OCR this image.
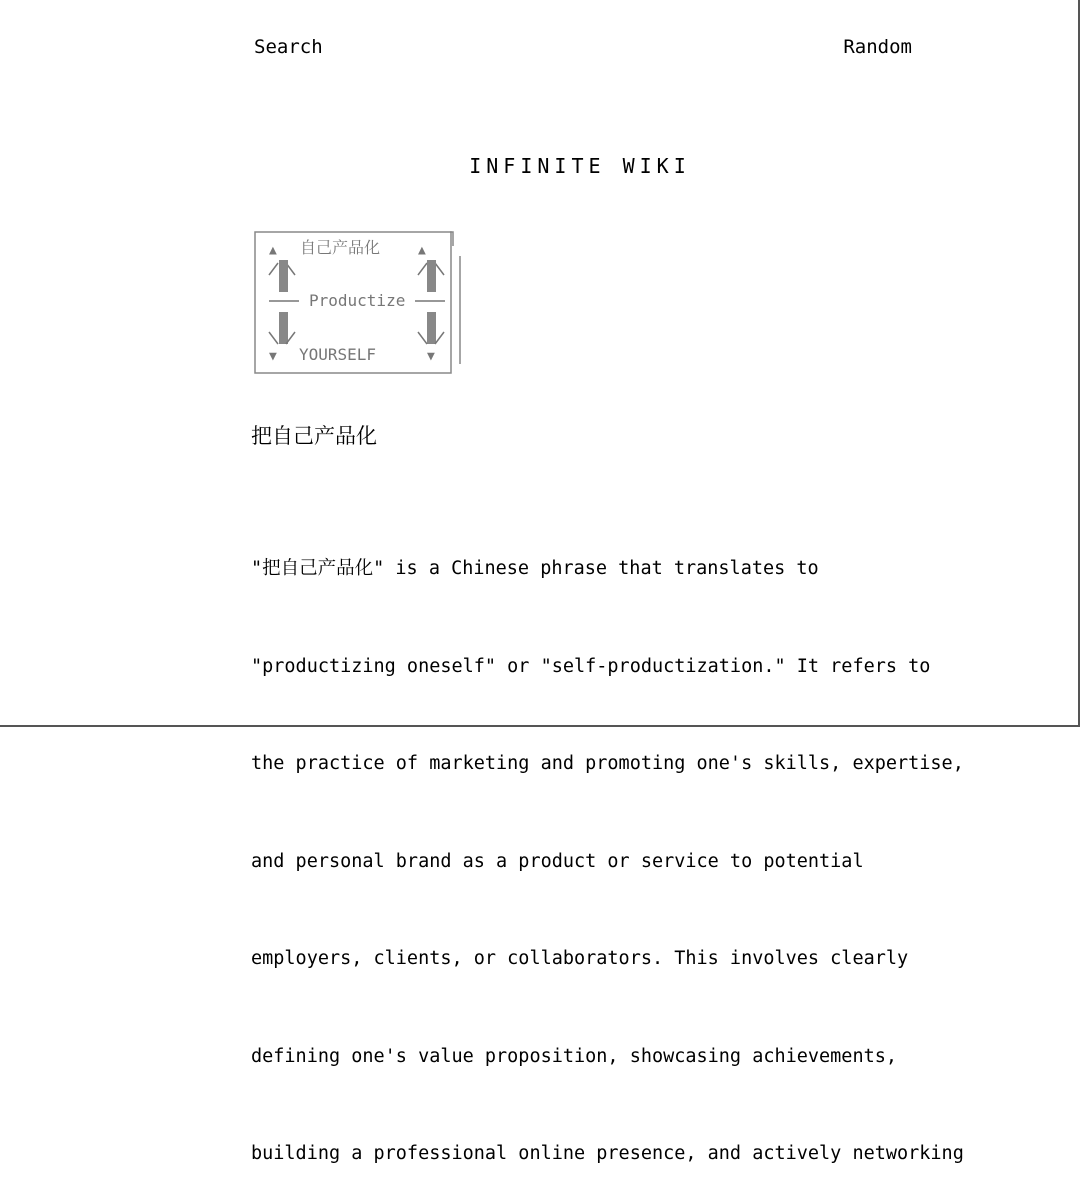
Search	Random
INFINITE WIKI
▲ 自己产品化	▲
Productize
▼ YOURSELF	▼
把自己产品化

"把自己产品化" is a Chinese phrase that translates to

"productizing oneself" or "self-productization." It refers to

the practice of marketing and promoting one's skills, expertise,

and personal brand as a product or service to potential

employers, clients, or collaborators. This involves clearly

defining one's value proposition, showcasing achievements,

building a professional online presence, and actively networking
